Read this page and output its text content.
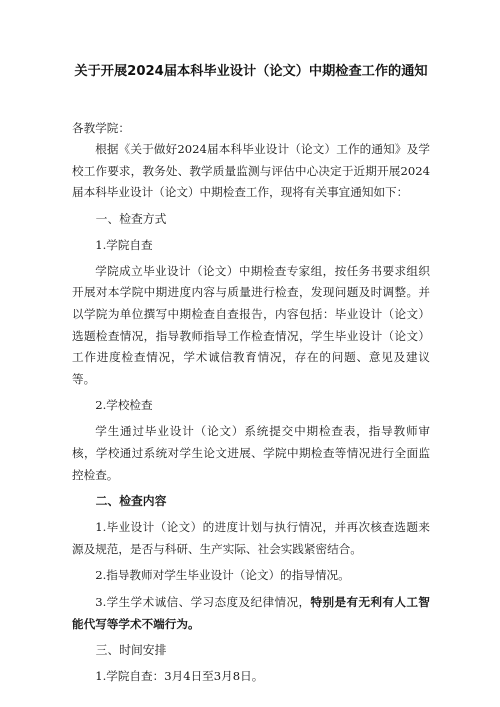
关于开展2024届本科毕业设计（论文）中期检查工作的通知

各教学院：

根据《关于做好2024届本科毕业设计（论文）工作的通知》及学校工作要求，教务处、教学质量监测与评估中心决定于近期开展2024届本科毕业设计（论文）中期检查工作，现将有关事宜通知如下：

一、检查方式

1.学院自查

学院成立毕业设计（论文）中期检查专家组，按任务书要求组织开展对本学院中期进度内容与质量进行检查，发现问题及时调整。并以学院为单位撰写中期检查自查报告，内容包括：毕业设计（论文）选题检查情况，指导教师指导工作检查情况，学生毕业设计（论文）工作进度检查情况，学术诚信教育情况，存在的问题、意见及建议等。

2.学校检查

学生通过毕业设计（论文）系统提交中期检查表，指导教师审核，学校通过系统对学生论文进展、学院中期检查等情况进行全面监控检查。

二、检查内容

1.毕业设计（论文）的进度计划与执行情况，并再次核查选题来源及规范，是否与科研、生产实际、社会实践紧密结合。

2.指导教师对学生毕业设计（论文）的指导情况。

3.学生学术诚信、学习态度及纪律情况，特别是有无利有人工智能代写等学术不端行为。

三、时间安排

1.学院自查：3月4日至3月8日。
